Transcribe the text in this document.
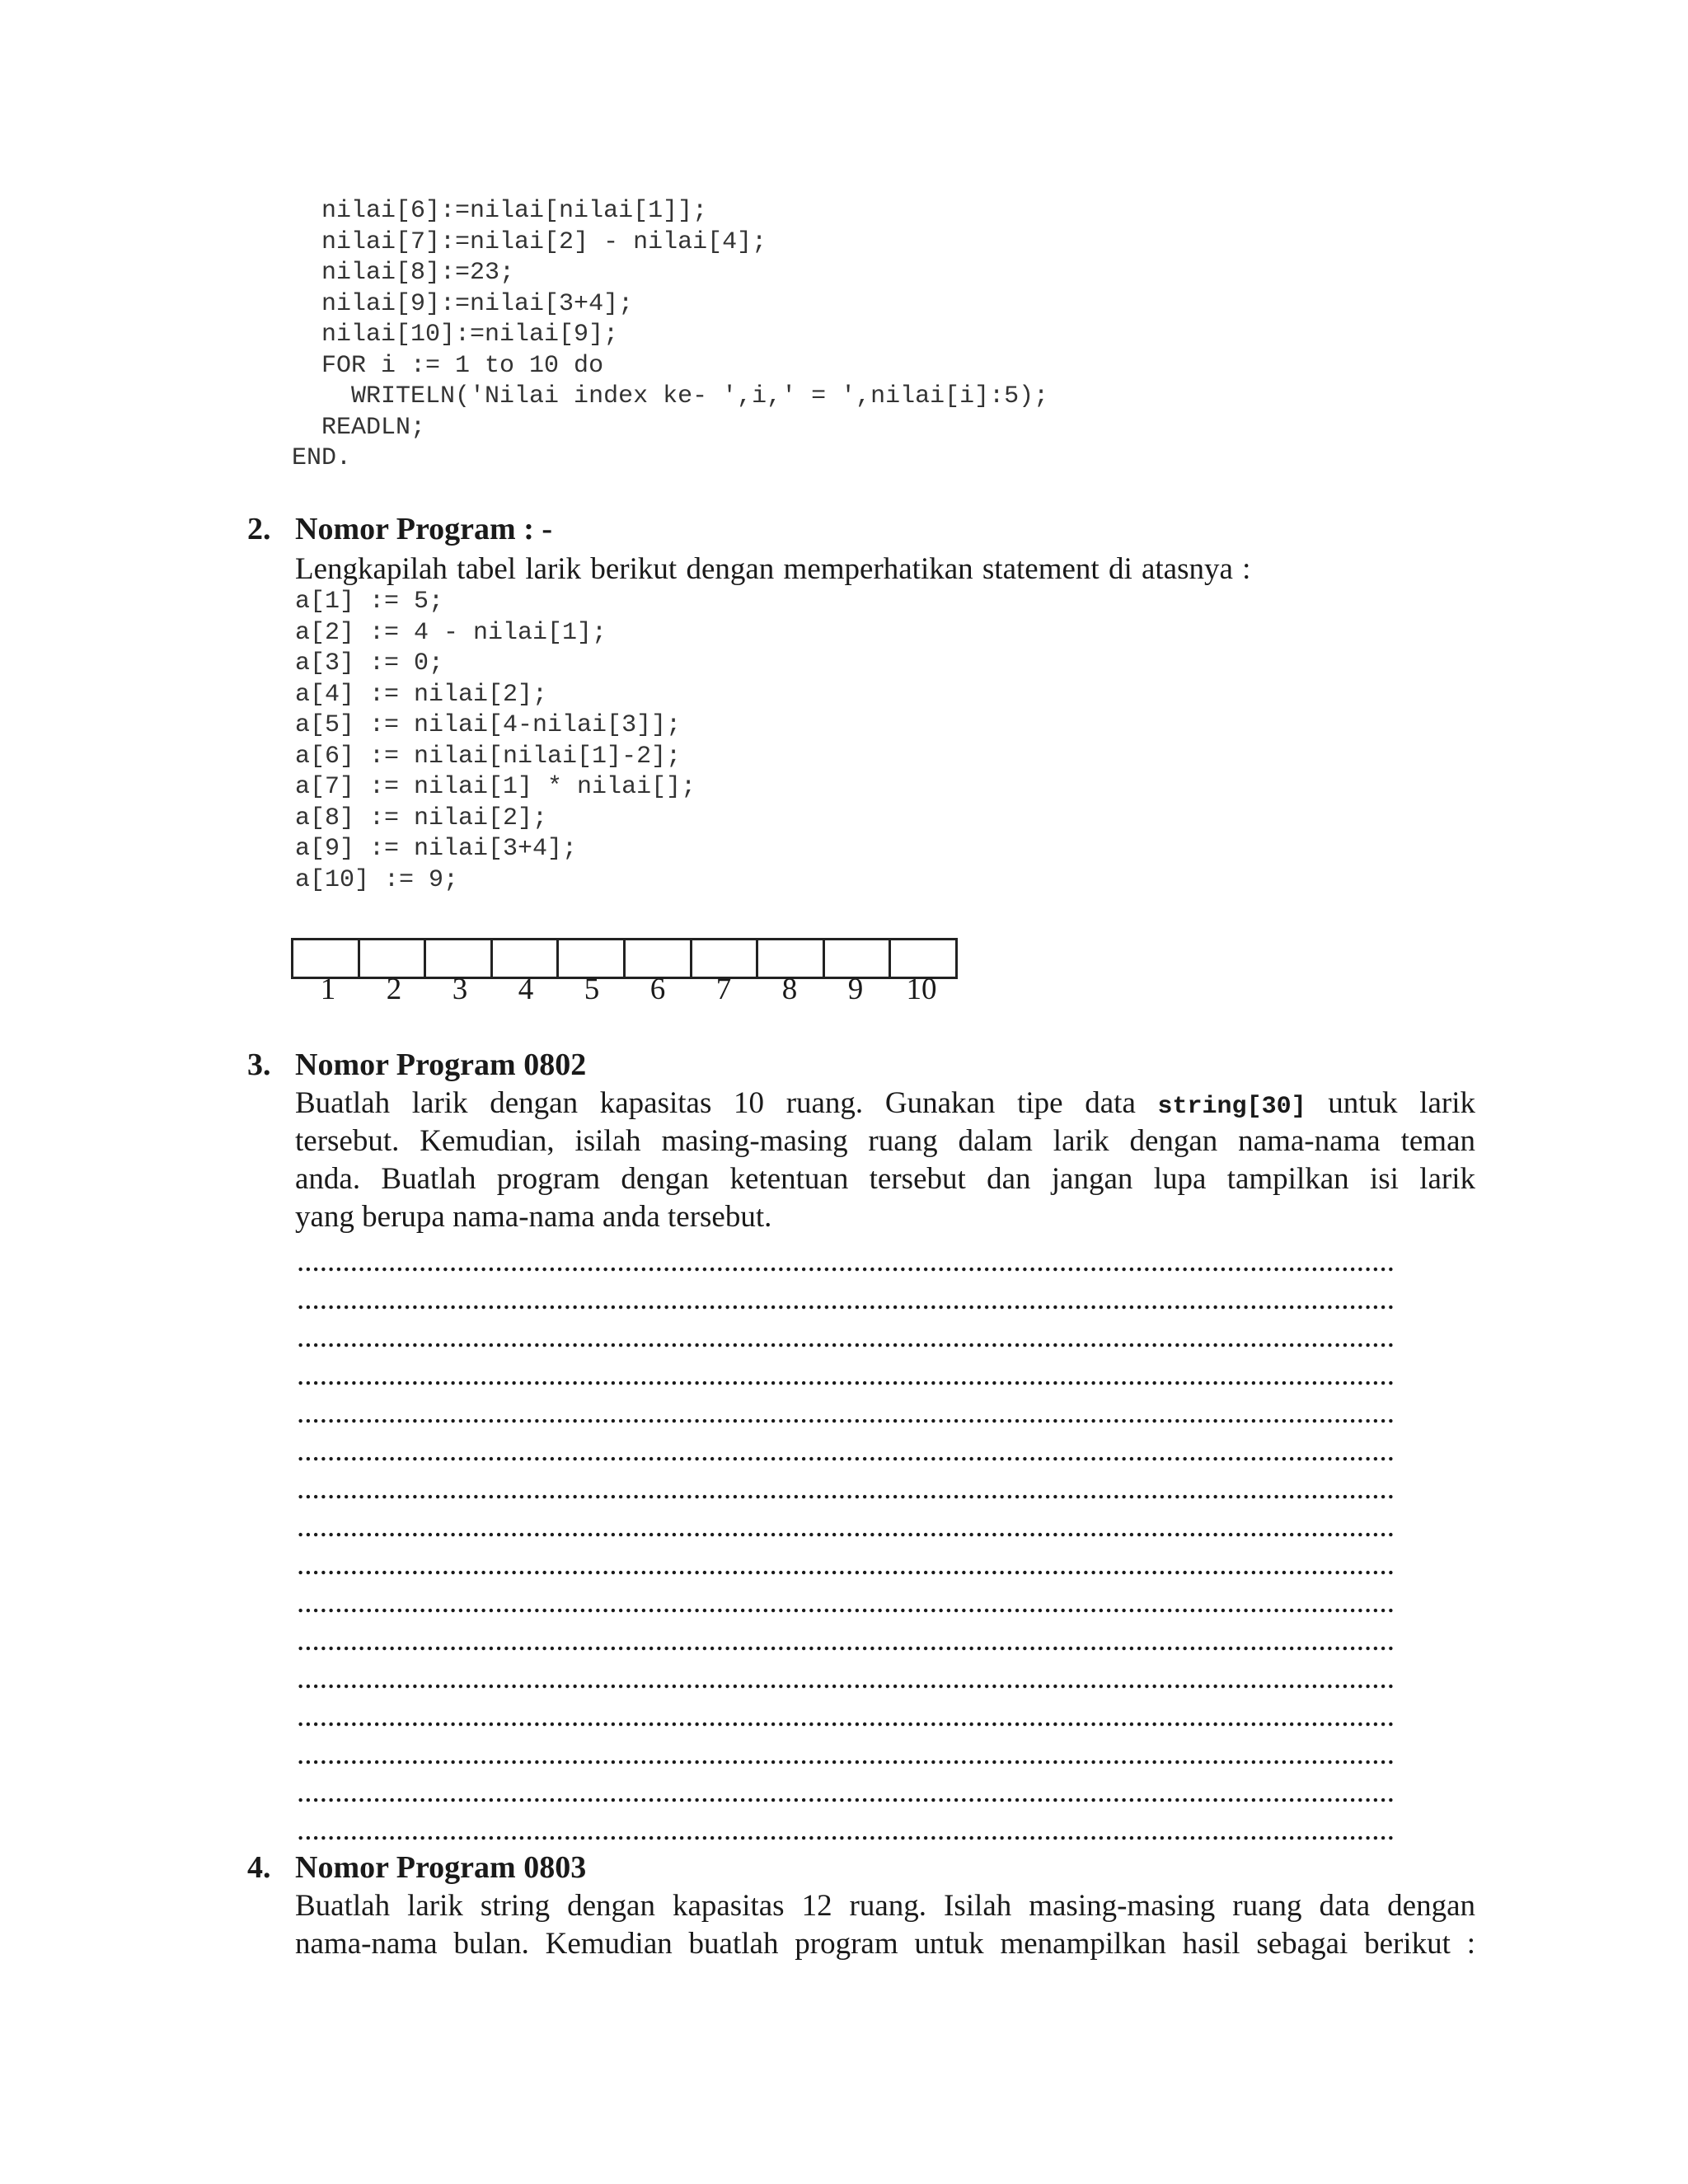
nilai[6]:=nilai[nilai[1]];
nilai[7]:=nilai[2] - nilai[4];
nilai[8]:=23;
nilai[9]:=nilai[3+4];
nilai[10]:=nilai[9];
FOR i := 1 to 10 do
WRITELN('Nilai index ke- ',i,' = ',nilai[i]:5);
READLN;
END.
2. Nomor Program : -
Lengkapilah tabel larik berikut dengan memperhatikan statement di atasnya :
a[1] := 5;
a[2] := 4 - nilai[1];
a[3] := 0;
a[4] := nilai[2];
a[5] := nilai[4-nilai[3]];
a[6] := nilai[nilai[1]-2];
a[7] := nilai[1] * nilai[];
a[8] := nilai[2];
a[9] := nilai[3+4];
a[10] := 9;
1	2	3	4	5	6	7	8	9	10
3. Nomor Program 0802
Buatlah larik dengan kapasitas 10 ruang. Gunakan tipe data string[30] untuk larik
tersebut. Kemudian, isilah masing-masing ruang dalam larik dengan nama-nama teman
anda. Buatlah program dengan ketentuan tersebut dan jangan lupa tampilkan isi larik
yang berupa nama-nama anda tersebut.
................................................................................................................................................
................................................................................................................................................
................................................................................................................................................
................................................................................................................................................
................................................................................................................................................
................................................................................................................................................
................................................................................................................................................
................................................................................................................................................
................................................................................................................................................
................................................................................................................................................
................................................................................................................................................
................................................................................................................................................
................................................................................................................................................
................................................................................................................................................
................................................................................................................................................
................................................................................................................................................
4. Nomor Program 0803
Buatlah larik string dengan kapasitas 12 ruang. Isilah masing-masing ruang data dengan
nama-nama bulan. Kemudian buatlah program untuk menampilkan hasil sebagai berikut :
